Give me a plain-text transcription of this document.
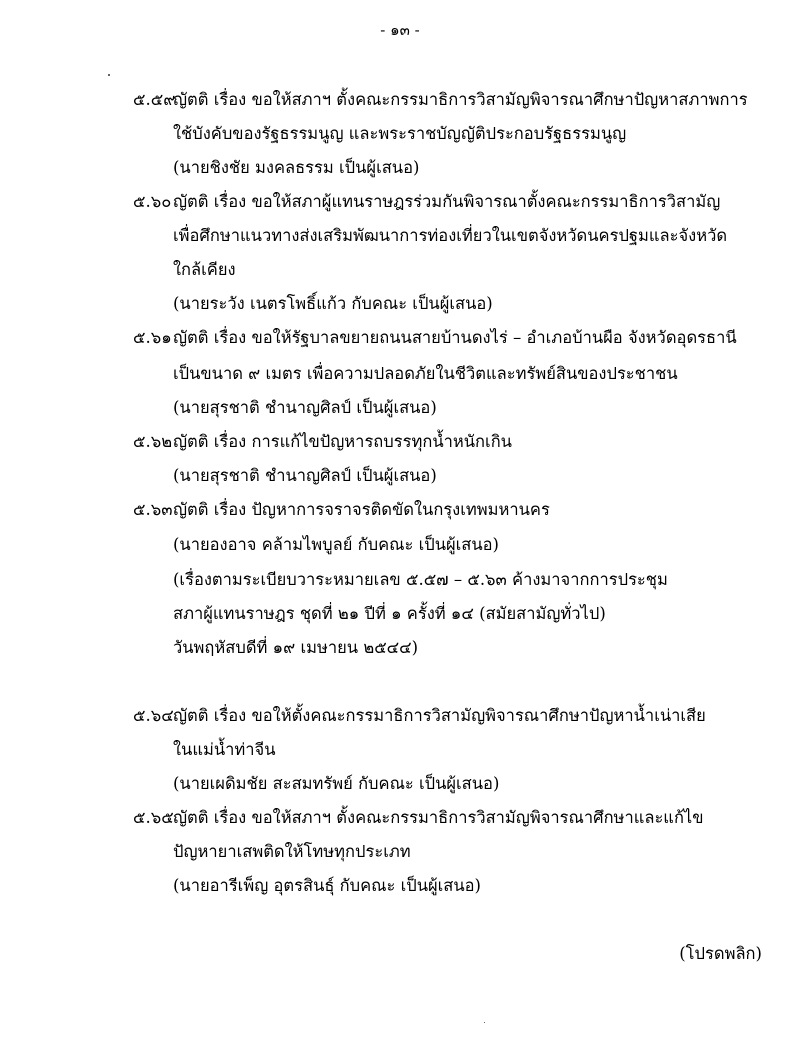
- ๑๓ -
๕.๕๙
ญัตติ เรื่อง ขอให้สภาฯ ตั้งคณะกรรมาธิการวิสามัญพิจารณาศึกษาปัญหาสภาพการ
ใช้บังคับของรัฐธรรมนูญ และพระราชบัญญัติประกอบรัฐธรรมนูญ
(นายชิงชัย มงคลธรรม เป็นผู้เสนอ)
๕.๖๐ ญัตติ เรื่อง ขอให้สภาผู้แทนราษฎรร่วมกันพิจารณาตั้งคณะกรรมาธิการวิสามัญ
เพื่อศึกษาแนวทางส่งเสริมพัฒนาการท่องเที่ยวในเขตจังหวัดนครปฐมและจังหวัด
ใกล้เคียง
(นายระวัง เนตรโพธิ์แก้ว กับคณะ เป็นผู้เสนอ)
๕.๖๑ ญัตติ เรื่อง ขอให้รัฐบาลขยายถนนสายบ้านดงไร่ – อำเภอบ้านผือ จังหวัดอุดรธานี
เป็นขนาด ๙ เมตร เพื่อความปลอดภัยในชีวิตและทรัพย์สินของประชาชน
(นายสุรชาติ ชำนาญศิลป์ เป็นผู้เสนอ)
๕.๖๒ ญัตติ เรื่อง การแก้ไขปัญหารถบรรทุกน้ำหนักเกิน
(นายสุรชาติ ชำนาญศิลป์ เป็นผู้เสนอ)
๕.๖๓ ญัตติ เรื่อง ปัญหาการจราจรติดขัดในกรุงเทพมหานคร
(นายองอาจ คล้ามไพบูลย์ กับคณะ เป็นผู้เสนอ)
(เรื่องตามระเบียบวาระหมายเลข ๕.๕๗ – ๕.๖๓ ค้างมาจากการประชุม
สภาผู้แทนราษฎร ชุดที่ ๒๑ ปีที่ ๑ ครั้งที่ ๑๔ (สมัยสามัญทั่วไป)
วันพฤหัสบดีที่ ๑๙ เมษายน ๒๕๔๔)
๕.๖๔ ญัตติ เรื่อง ขอให้ตั้งคณะกรรมาธิการวิสามัญพิจารณาศึกษาปัญหาน้ำเน่าเสีย
ในแม่น้ำท่าจีน
(นายเผดิมชัย สะสมทรัพย์ กับคณะ เป็นผู้เสนอ)
๕.๖๕ ญัตติ เรื่อง ขอให้สภาฯ ตั้งคณะกรรมาธิการวิสามัญพิจารณาศึกษาและแก้ไข
ปัญหายาเสพติดให้โทษทุกประเภท
(นายอารีเพ็ญ อุตรสินธุ์ กับคณะ เป็นผู้เสนอ)
(โปรดพลิก)
